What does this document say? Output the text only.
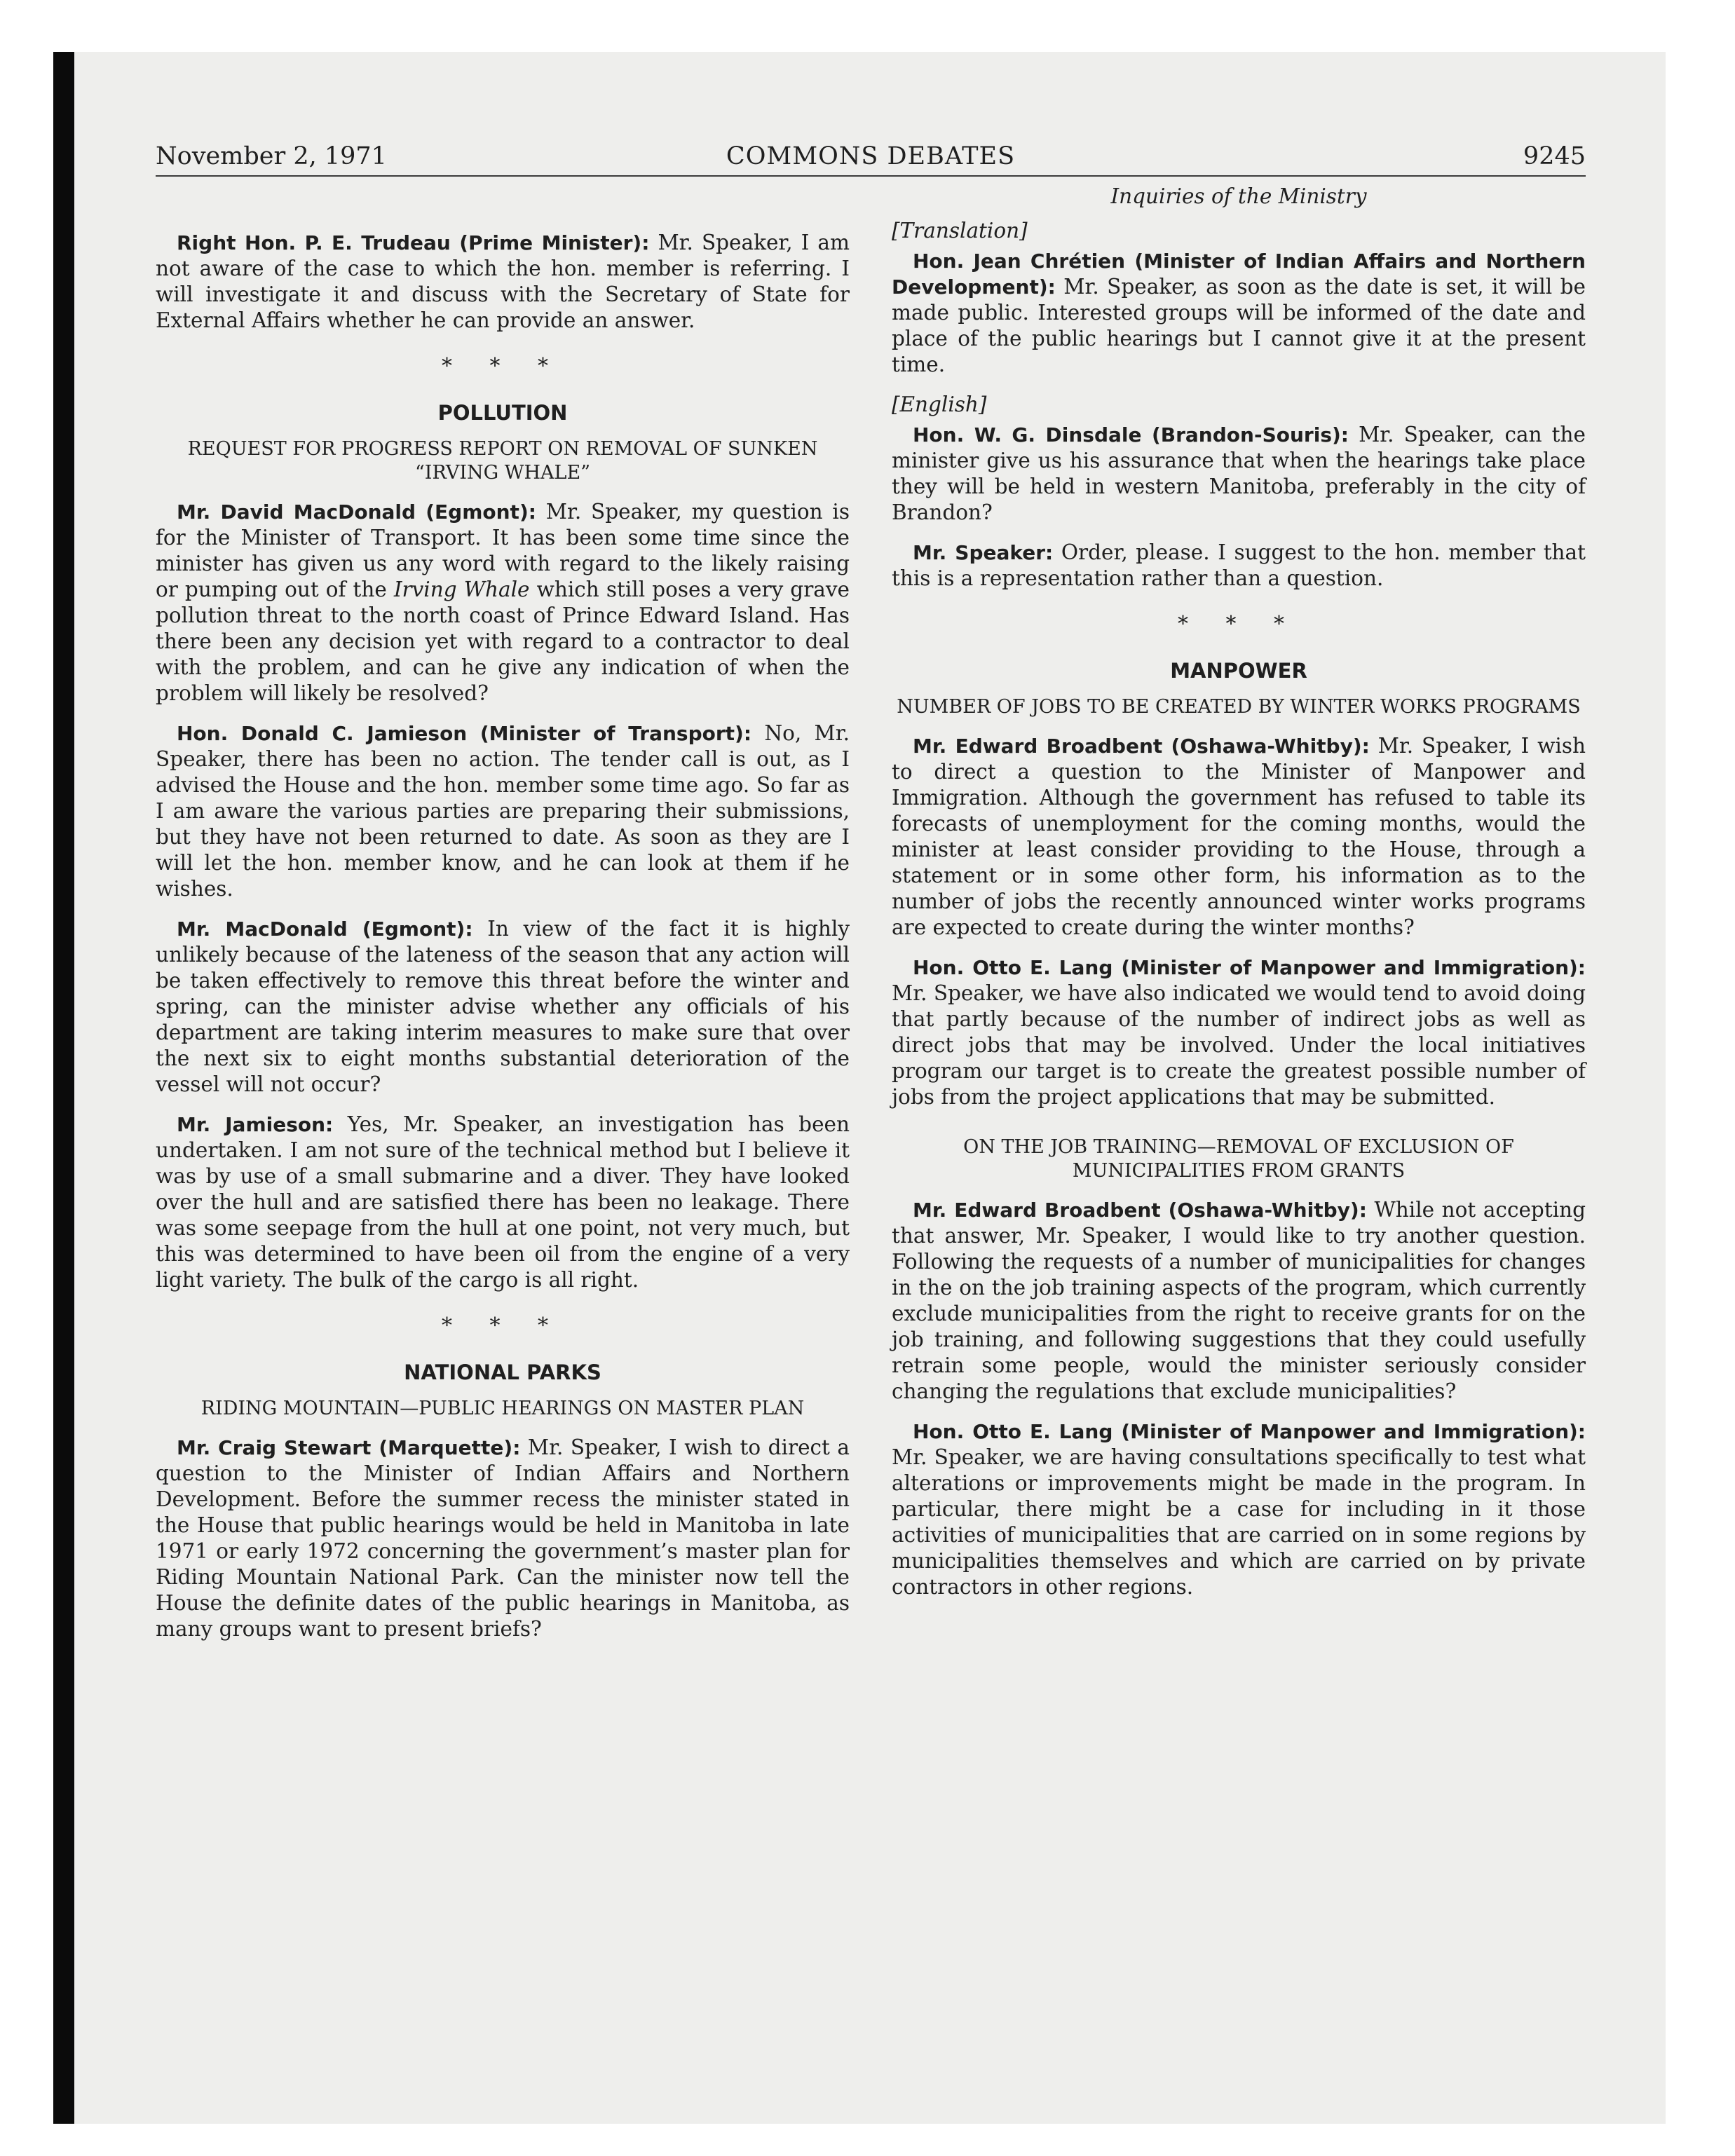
November 2, 1971	COMMONS DEBATES	9245

Right Hon. P. E. Trudeau (Prime Minister): Mr. Speaker, I am not aware of the case to which the hon. member is referring. I will investigate it and discuss with the Secretary of State for External Affairs whether he can provide an answer.

* * *
POLLUTION
REQUEST FOR PROGRESS REPORT ON REMOVAL OF SUNKEN “IRVING WHALE”

Mr. David MacDonald (Egmont): Mr. Speaker, my question is for the Minister of Transport. It has been some time since the minister has given us any word with regard to the likely raising or pumping out of the Irving Whale which still poses a very grave pollution threat to the north coast of Prince Edward Island. Has there been any decision yet with regard to a contractor to deal with the problem, and can he give any indication of when the problem will likely be resolved?

Hon. Donald C. Jamieson (Minister of Transport): No, Mr. Speaker, there has been no action. The tender call is out, as I advised the House and the hon. member some time ago. So far as I am aware the various parties are preparing their submissions, but they have not been returned to date. As soon as they are I will let the hon. member know, and he can look at them if he wishes.

Mr. MacDonald (Egmont): In view of the fact it is highly unlikely because of the lateness of the season that any action will be taken effectively to remove this threat before the winter and spring, can the minister advise whether any officials of his department are taking interim measures to make sure that over the next six to eight months substantial deterioration of the vessel will not occur?

Mr. Jamieson: Yes, Mr. Speaker, an investigation has been undertaken. I am not sure of the technical method but I believe it was by use of a small submarine and a diver. They have looked over the hull and are satisfied there has been no leakage. There was some seepage from the hull at one point, not very much, but this was determined to have been oil from the engine of a very light variety. The bulk of the cargo is all right.

* * *
NATIONAL PARKS
RIDING MOUNTAIN—PUBLIC HEARINGS ON MASTER PLAN

Mr. Craig Stewart (Marquette): Mr. Speaker, I wish to direct a question to the Minister of Indian Affairs and Northern Development. Before the summer recess the minister stated in the House that public hearings would be held in Manitoba in late 1971 or early 1972 concerning the government’s master plan for Riding Mountain National Park. Can the minister now tell the House the definite dates of the public hearings in Manitoba, as many groups want to present briefs?

Inquiries of the Ministry
[Translation]

Hon. Jean Chrétien (Minister of Indian Affairs and Northern Development): Mr. Speaker, as soon as the date is set, it will be made public. Interested groups will be informed of the date and place of the public hearings but I cannot give it at the present time.

[English]

Hon. W. G. Dinsdale (Brandon-Souris): Mr. Speaker, can the minister give us his assurance that when the hearings take place they will be held in western Manitoba, preferably in the city of Brandon?

Mr. Speaker: Order, please. I suggest to the hon. member that this is a representation rather than a question.

* * *
MANPOWER
NUMBER OF JOBS TO BE CREATED BY WINTER WORKS PROGRAMS

Mr. Edward Broadbent (Oshawa-Whitby): Mr. Speaker, I wish to direct a question to the Minister of Manpower and Immigration. Although the government has refused to table its forecasts of unemployment for the coming months, would the minister at least consider providing to the House, through a statement or in some other form, his information as to the number of jobs the recently announced winter works programs are expected to create during the winter months?

Hon. Otto E. Lang (Minister of Manpower and Immigration): Mr. Speaker, we have also indicated we would tend to avoid doing that partly because of the number of indirect jobs as well as direct jobs that may be involved. Under the local initiatives program our target is to create the greatest possible number of jobs from the project applications that may be submitted.

ON THE JOB TRAINING—REMOVAL OF EXCLUSION OF MUNICIPALITIES FROM GRANTS

Mr. Edward Broadbent (Oshawa-Whitby): While not accepting that answer, Mr. Speaker, I would like to try another question. Following the requests of a number of municipalities for changes in the on the job training aspects of the program, which currently exclude municipalities from the right to receive grants for on the job training, and following suggestions that they could usefully retrain some people, would the minister seriously consider changing the regulations that exclude municipalities?

Hon. Otto E. Lang (Minister of Manpower and Immigration): Mr. Speaker, we are having consultations specifically to test what alterations or improvements might be made in the program. In particular, there might be a case for including in it those activities of municipalities that are carried on in some regions by municipalities themselves and which are carried on by private contractors in other regions.
